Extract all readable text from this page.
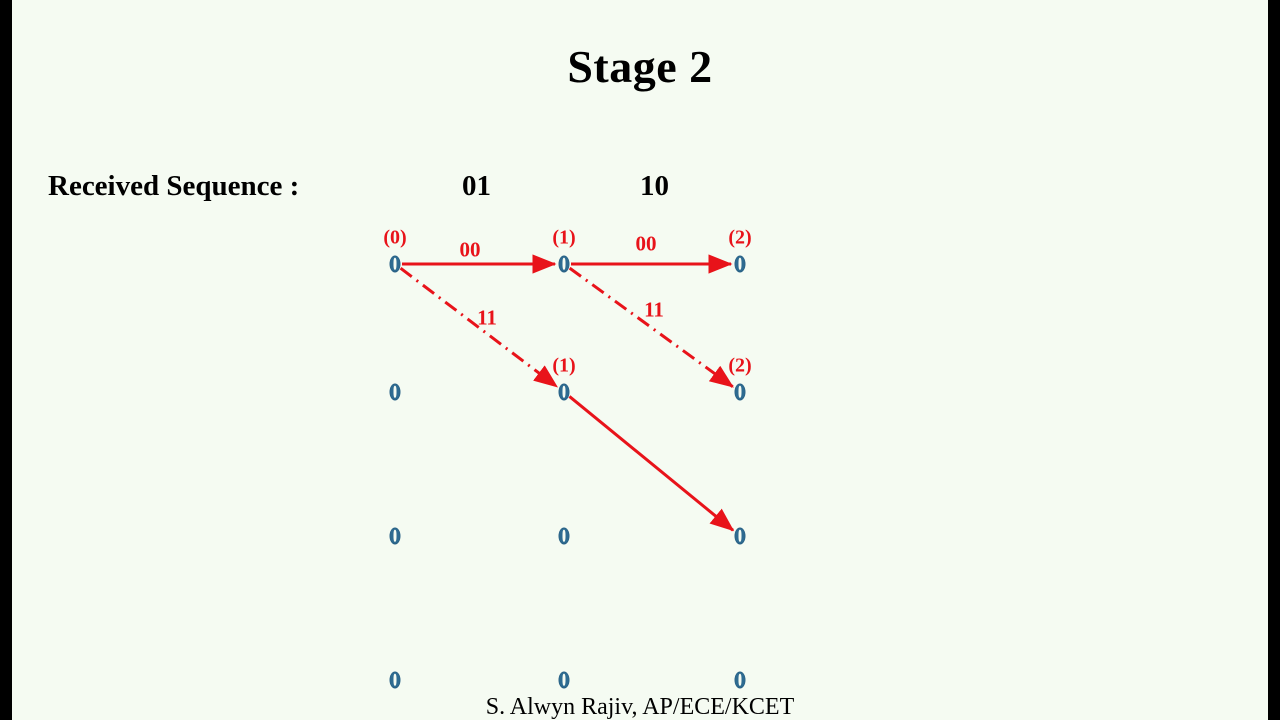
Stage 2
Received Sequence :
S. Alwyn Rajiv, AP/ECE/KCET
01	10
00
11
00
11
0
(0)
0
0
0
0
(1)
0
(1)
0
0
0
(2)
0
(2)
0
0
